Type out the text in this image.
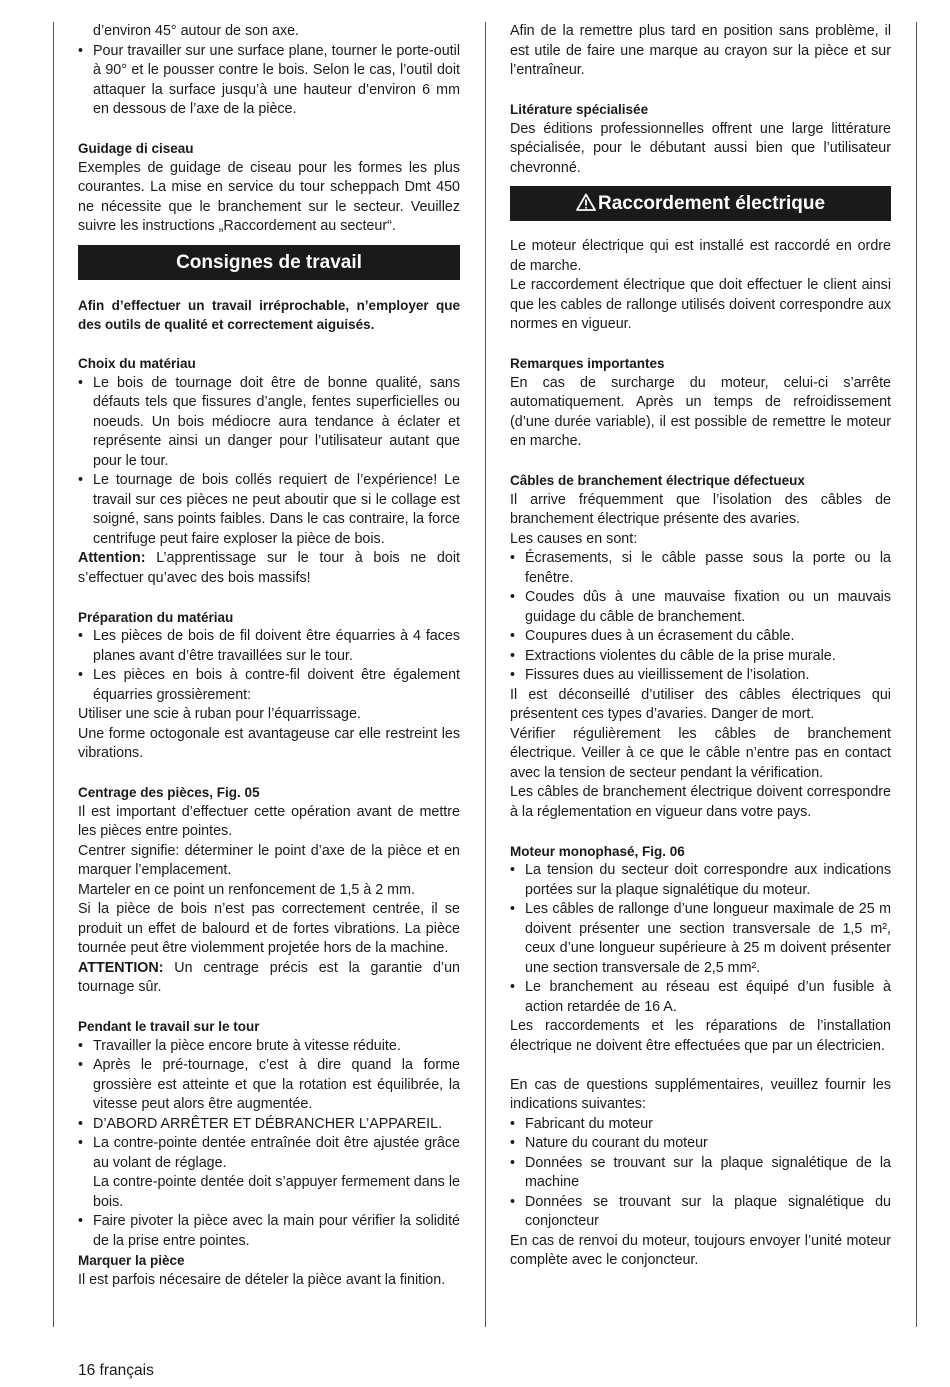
d’environ 45° autour de son axe.

• Pour travailler sur une surface plane, tourner le porte-outil à 90° et le pousser contre le bois. Selon le cas, l’outil doit attaquer la surface jusqu’à une hauteur d’environ 6 mm en dessous de l’axe de la pièce.
Guidage di ciseau

Exemples de guidage de ciseau pour les formes les plus courantes. La mise en service du tour scheppach Dmt 450 ne nécessite que le branchement sur le secteur. Veuillez suivre les instructions „Raccordement au secteur“.

Consignes de travail

Afin d’effectuer un travail irréprochable, n’employer que des outils de qualité et correctement aiguisés.

Choix du matériau
• Le bois de tournage doit être de bonne qualité, sans défauts tels que fissures d’angle, fentes superficielles ou noeuds. Un bois médiocre aura tendance à éclater et représente ainsi un danger pour l’utilisateur autant que pour le tour.
• Le tournage de bois collés requiert de l’expérience! Le travail sur ces pièces ne peut aboutir que si le collage est soigné, sans points faibles. Dans le cas contraire, la force centrifuge peut faire exploser la pièce de bois.

Attention: L’apprentissage sur le tour à bois ne doit s’effectuer qu’avec des bois massifs!

Préparation du matériau
• Les pièces de bois de fil doivent être équarries à 4 faces planes avant d’être travaillées sur le tour.
• Les pièces en bois à contre-fil doivent être également équarries grossièrement:

Utiliser une scie à ruban pour l’équarrissage.

Une forme octogonale est avantageuse car elle restreint les vibrations.

Centrage des pièces, Fig. 05

Il est important d’effectuer cette opération avant de mettre les pièces entre pointes.

Centrer signifie: déterminer le point d’axe de la pièce et en marquer l’emplacement.

Marteler en ce point un renfoncement de 1,5 à 2 mm.

Si la pièce de bois n’est pas correctement centrée, il se produit un effet de balourd et de fortes vibrations. La pièce tournée peut être violemment projetée hors de la machine.

ATTENTION: Un centrage précis est la garantie d’un tournage sûr.

Pendant le travail sur le tour
• Travailler la pièce encore brute à vitesse réduite.
• Après le pré-tournage, c’est à dire quand la forme grossière est atteinte et que la rotation est équilibrée, la vitesse peut alors être augmentée.
• D’ABORD ARRÊTER ET DÉBRANCHER L’APPAREIL.
• La contre-pointe dentée entraînée doit être ajustée grâce au volant de réglage.
La contre-pointe dentée doit s’appuyer fermement dans le bois.
• Faire pivoter la pièce avec la main pour vérifier la solidité de la prise entre pointes.
Marquer la pièce

Il est parfois nécesaire de dételer la pièce avant la finition.

Afin de la remettre plus tard en position sans problème, il est utile de faire une marque au crayon sur la pièce et sur l’entraîneur.

Litérature spécialisée

Des éditions professionnelles offrent une large littérature spécialisée, pour le débutant aussi bien que l’utilisateur chevronné.

Raccordement électrique

Le moteur électrique qui est installé est raccordé en ordre de marche.

Le raccordement électrique que doit effectuer le client ainsi que les cables de rallonge utilisés doivent correspondre aux normes en vigueur.

Remarques importantes

En cas de surcharge du moteur, celui-ci s’arrête automatiquement. Après un temps de refroidissement (d’une durée variable), il est possible de remettre le moteur en marche.

Câbles de branchement électrique défectueux

Il arrive fréquemment que l’isolation des câbles de branchement électrique présente des avaries.

Les causes en sont:

• Écrasements, si le câble passe sous la porte ou la fenêtre.
• Coudes dûs à une mauvaise fixation ou un mauvais guidage du câble de branchement.
• Coupures dues à un écrasement du câble.
• Extractions violentes du câble de la prise murale.
• Fissures dues au vieillissement de l’isolation.

Il est déconseillé d’utiliser des câbles électriques qui présentent ces types d’avaries. Danger de mort.

Vérifier régulièrement les câbles de branchement électrique. Veiller à ce que le câble n’entre pas en contact avec la tension de secteur pendant la vérification.

Les câbles de branchement électrique doivent correspondre à la réglementation en vigueur dans votre pays.

Moteur monophasé, Fig. 06
• La tension du secteur doit correspondre aux indications portées sur la plaque signalétique du moteur.
• Les câbles de rallonge d’une longueur maximale de 25 m doivent présenter une section transversale de 1,5 m², ceux d’une longueur supérieure à 25 m doivent présenter une section transversale de 2,5 mm².
• Le branchement au réseau est équipé d’un fusible à action retardée de 16 A.

Les raccordements et les réparations de l’installation électrique ne doivent être effectuées que par un électricien.

En cas de questions supplémentaires, veuillez fournir les indications suivantes:

• Fabricant du moteur
• Nature du courant du moteur
• Données se trouvant sur la plaque signalétique de la machine
• Données se trouvant sur la plaque signalétique du conjoncteur

En cas de renvoi du moteur, toujours envoyer l’unité moteur complète avec le conjoncteur.

16 français
